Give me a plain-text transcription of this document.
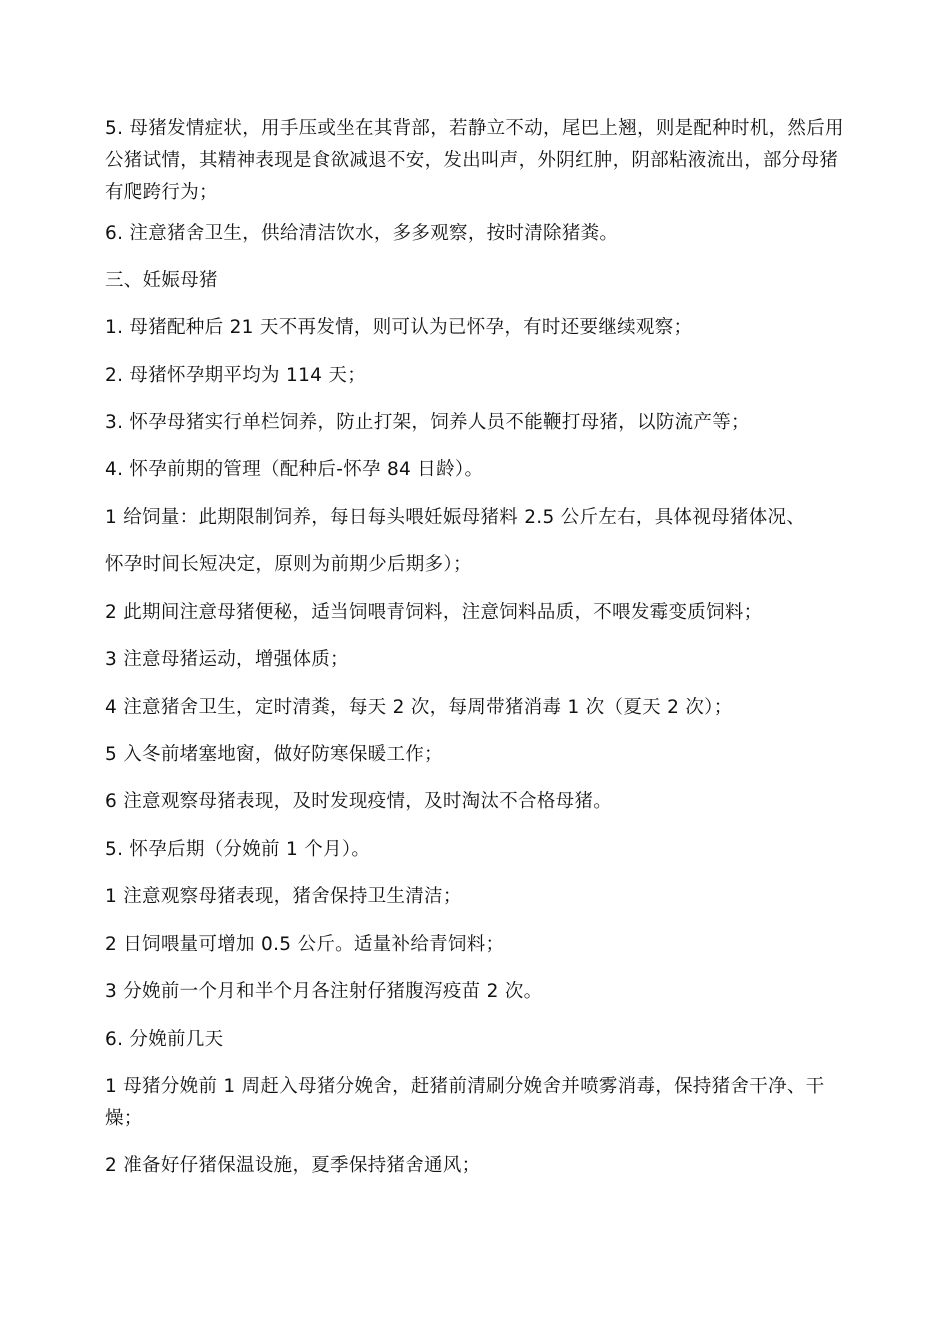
5. 母猪发情症状，用手压或坐在其背部，若静立不动，尾巴上翘，则是配种时机，然后用公猪试情，其精神表现是食欲减退不安，发出叫声，外阴红肿，阴部粘液流出，部分母猪有爬跨行为；

6. 注意猪舍卫生，供给清洁饮水，多多观察，按时清除猪粪。

三、妊娠母猪

1. 母猪配种后 21 天不再发情，则可认为已怀孕，有时还要继续观察；

2. 母猪怀孕期平均为 114 天；

3. 怀孕母猪实行单栏饲养，防止打架，饲养人员不能鞭打母猪，以防流产等；

4. 怀孕前期的管理（配种后-怀孕 84 日龄）。

1 给饲量：此期限制饲养，每日每头喂妊娠母猪料 2.5 公斤左右，具体视母猪体况、

怀孕时间长短决定，原则为前期少后期多）；

2 此期间注意母猪便秘，适当饲喂青饲料，注意饲料品质，不喂发霉变质饲料；

3 注意母猪运动，增强体质；

4 注意猪舍卫生，定时清粪，每天 2 次，每周带猪消毒 1 次（夏天 2 次）；

5 入冬前堵塞地窗，做好防寒保暖工作；

6 注意观察母猪表现，及时发现疫情，及时淘汰不合格母猪。

5. 怀孕后期（分娩前 1 个月）。

1 注意观察母猪表现，猪舍保持卫生清洁；

2 日饲喂量可增加 0.5 公斤。适量补给青饲料；

3 分娩前一个月和半个月各注射仔猪腹泻疫苗 2 次。

6. 分娩前几天

1 母猪分娩前 1 周赶入母猪分娩舍，赶猪前清刷分娩舍并喷雾消毒，保持猪舍干净、干燥；

2 准备好仔猪保温设施，夏季保持猪舍通风；
